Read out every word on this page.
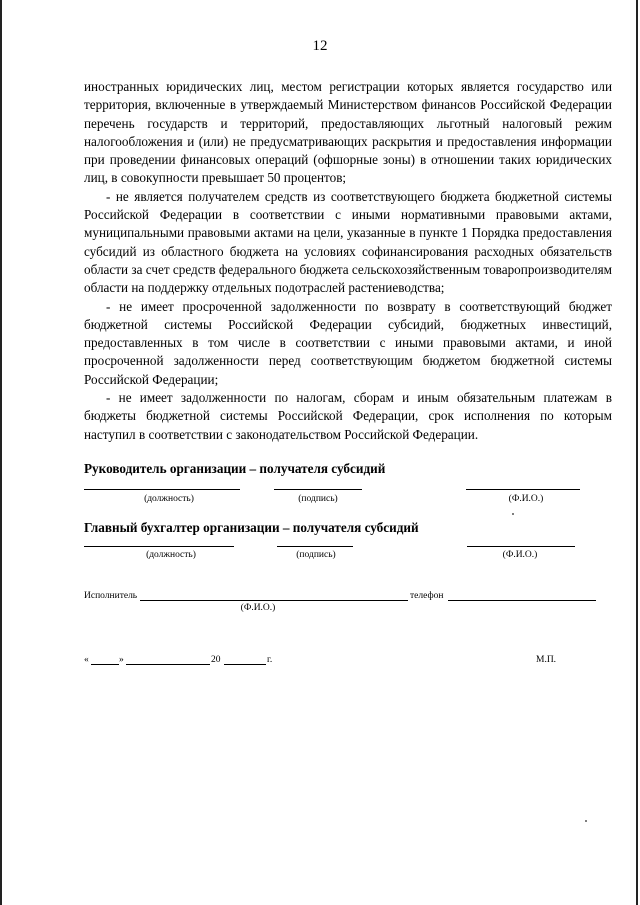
12

иностранных юридических лиц, местом регистрации которых является государство или территория, включенные в утверждаемый Министерством финансов Российской Федерации перечень государств и территорий, предоставляющих льготный налоговый режим налогообложения и (или) не предусматривающих раскрытия и предоставления информации при проведении финансовых операций (офшорные зоны) в отношении таких юридических лиц, в совокупности превышает 50 процентов;

- не является получателем средств из соответствующего бюджета бюджетной системы Российской Федерации в соответствии с иными нормативными правовыми актами, муниципальными правовыми актами на цели, указанные в пункте 1 Порядка предоставления субсидий из областного бюджета на условиях софинансирования расходных обязательств области за счет средств федерального бюджета сельскохозяйственным товаропроизводителям области на поддержку отдельных подотраслей растениеводства;

- не имеет просроченной задолженности по возврату в соответствующий бюджет бюджетной системы Российской Федерации субсидий, бюджетных инвестиций, предоставленных в том числе в соответствии с иными правовыми актами, и иной просроченной задолженности перед соответствующим бюджетом бюджетной системы Российской Федерации;

- не имеет задолженности по налогам, сборам и иным обязательным платежам в бюджеты бюджетной системы Российской Федерации, срок исполнения по которым наступил в соответствии с законодательством Российской Федерации.

Руководитель организации – получателя субсидий
(должность)	(подпись)	(Ф.И.О.)
Главный бухгалтер организации – получателя субсидий
(должность)	(подпись)	(Ф.И.О.)
Исполнитель	телефон
(Ф.И.О.)
«	»	20	г.	М.П.
